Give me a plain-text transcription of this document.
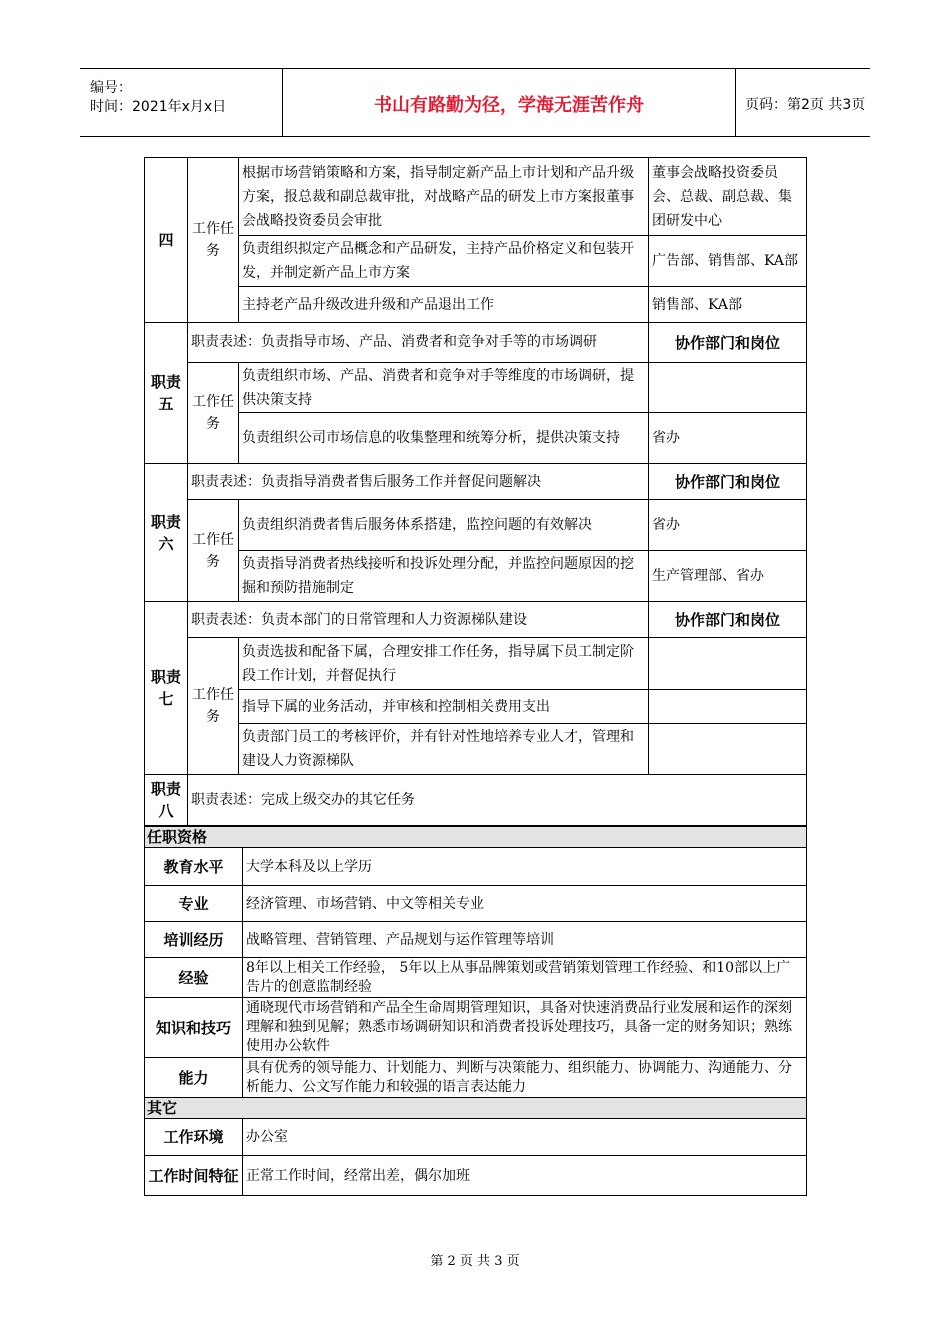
编号：
时间：2021年x月x日	书山有路勤为径，学海无涯苦作舟	页码：第2页 共3页
四	工作任务	根据市场营销策略和方案，指导制定新产品上市计划和产品升级方案，报总裁和副总裁审批，对战略产品的研发上市方案报董事会战略投资委员会审批	董事会战略投资委员会、总裁、副总裁、集团研发中心
		负责组织拟定产品概念和产品研发，主持产品价格定义和包装开发，并制定新产品上市方案	广告部、销售部、KA部
		主持老产品升级改进升级和产品退出工作	销售部、KA部
职责五	职责表述：负责指导市场、产品、消费者和竞争对手等的市场调研		协作部门和岗位
	工作任务	负责组织市场、产品、消费者和竞争对手等维度的市场调研，提供决策支持	
		负责组织公司市场信息的收集整理和统筹分析，提供决策支持	省办
职责六	职责表述：负责指导消费者售后服务工作并督促问题解决		协作部门和岗位
	工作任务	负责组织消费者售后服务体系搭建，监控问题的有效解决	省办
		负责指导消费者热线接听和投诉处理分配，并监控问题原因的挖掘和预防措施制定	生产管理部、省办
职责七	职责表述：负责本部门的日常管理和人力资源梯队建设		协作部门和岗位
	工作任务	负责选拔和配备下属，合理安排工作任务，指导属下员工制定阶段工作计划，并督促执行	
		指导下属的业务活动，并审核和控制相关费用支出	
		负责部门员工的考核评价，并有针对性地培养专业人才，管理和建设人力资源梯队	
职责八	职责表述：完成上级交办的其它任务		
任职资格	
教育水平	大学本科及以上学历
专业	经济管理、市场营销、中文等相关专业
培训经历	战略管理、营销管理、产品规划与运作管理等培训
经验	8年以上相关工作经验， 5年以上从事品牌策划或营销策划管理工作经验、和10部以上广告片的创意监制经验
知识和技巧	通晓现代市场营销和产品全生命周期管理知识，具备对快速消费品行业发展和运作的深刻理解和独到见解；熟悉市场调研知识和消费者投诉处理技巧，具备一定的财务知识；熟练使用办公软件
能力	具有优秀的领导能力、计划能力、判断与决策能力、组织能力、协调能力、沟通能力、分析能力、公文写作能力和较强的语言表达能力
其它	
工作环境	办公室
工作时间特征	正常工作时间，经常出差，偶尔加班
第 2 页 共 3 页
